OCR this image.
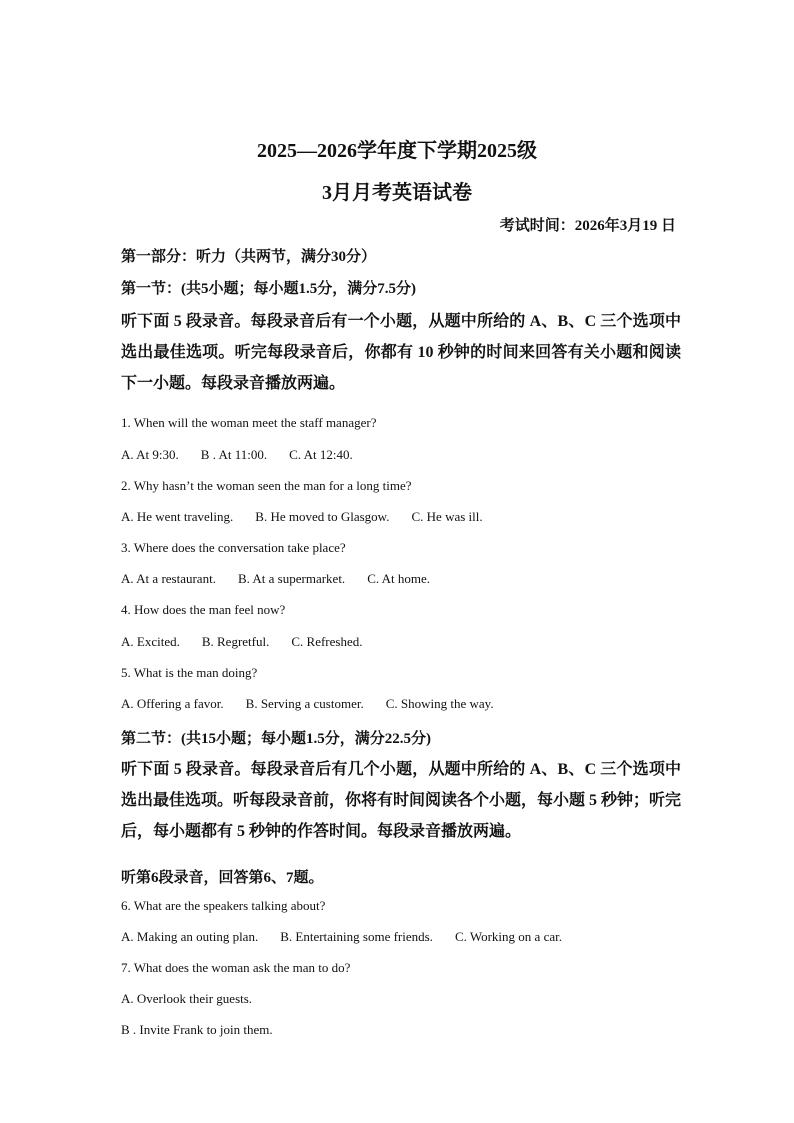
2025—2026学年度下学期2025级
3月月考英语试卷
考试时间：2026年3月19 日
第一部分：听力（共两节，满分30分）
第一节：(共5小题；每小题1.5分，满分7.5分)
听下面 5 段录音。每段录音后有一个小题，从题中所给的 A、B、C 三个选项中选出最佳选项。听完每段录音后，你都有 10 秒钟的时间来回答有关小题和阅读下一小题。每段录音播放两遍。
1. When will the woman meet the staff manager?
A. At 9:30. B . At 11:00. C. At 12:40.
2. Why hasn’t the woman seen the man for a long time?
A. He went traveling. B. He moved to Glasgow. C. He was ill.
3. Where does the conversation take place?
A. At a restaurant. B. At a supermarket. C. At home.
4. How does the man feel now?
A. Excited. B. Regretful. C. Refreshed.
5. What is the man doing?
A. Offering a favor. B. Serving a customer. C. Showing the way.
第二节：(共15小题；每小题1.5分，满分22.5分)
听下面 5 段录音。每段录音后有几个小题，从题中所给的 A、B、C 三个选项中选出最佳选项。听每段录音前，你将有时间阅读各个小题，每小题 5 秒钟；听完后，每小题都有 5 秒钟的作答时间。每段录音播放两遍。
听第6段录音，回答第6、7题。
6. What are the speakers talking about?
A. Making an outing plan. B. Entertaining some friends. C. Working on a car.
7. What does the woman ask the man to do?
A. Overlook their guests.
B . Invite Frank to join them.
